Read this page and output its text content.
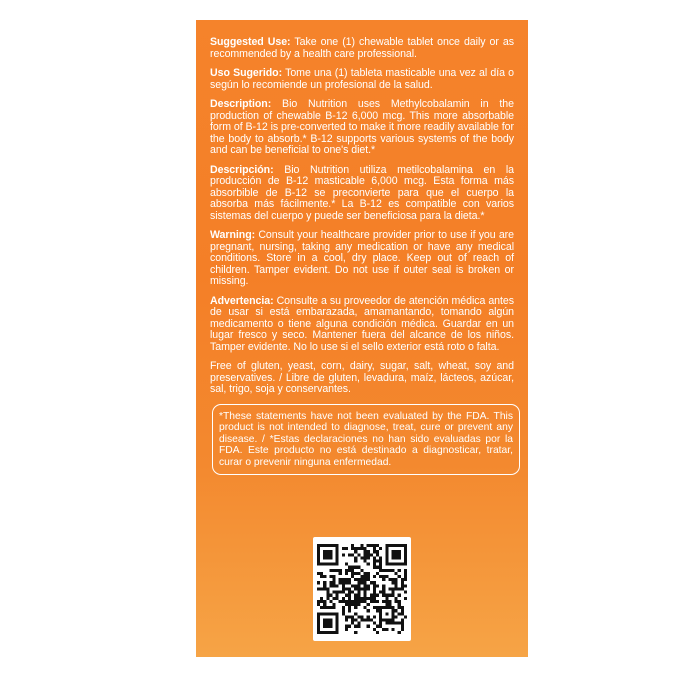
Suggested Use: Take one (1) chewable tablet once daily or as recommended by a health care professional.

Uso Sugerido: Tome una (1) tableta masticable una vez al día o según lo recomiende un profesional de la salud.

Description: Bio Nutrition uses Methylcobalamin in the production of chewable B-12 6,000 mcg. This more absorbable form of B-12 is pre-converted to make it more readily available for the body to absorb.* B-12 supports various systems of the body and can be beneficial to one's diet.*

Descripción: Bio Nutrition utiliza metilcobalamina en la producción de B-12 masticable 6,000 mcg. Esta forma más absorbible de B-12 se preconvierte para que el cuerpo la absorba más fácilmente.* La B-12 es compatible con varios sistemas del cuerpo y puede ser beneficiosa para la dieta.*

Warning: Consult your healthcare provider prior to use if you are pregnant, nursing, taking any medication or have any medical conditions. Store in a cool, dry place. Keep out of reach of children. Tamper evident. Do not use if outer seal is broken or missing.

Advertencia: Consulte a su proveedor de atención médica antes de usar si está embarazada, amamantando, tomando algún medicamento o tiene alguna condición médica. Guardar en un lugar fresco y seco. Mantener fuera del alcance de los niños. Tamper evidente. No lo use si el sello exterior está roto o falta.

Free of gluten, yeast, corn, dairy, sugar, salt, wheat, soy and preservatives. / Libre de gluten, levadura, maíz, lácteos, azúcar, sal, trigo, soja y conservantes.

*These statements have not been evaluated by the FDA. This product is not intended to diagnose, treat, cure or prevent any disease. / *Estas declaraciones no han sido evaluadas por la FDA. Este producto no está destinado a diagnosticar, tratar, curar o prevenir ninguna enfermedad.
